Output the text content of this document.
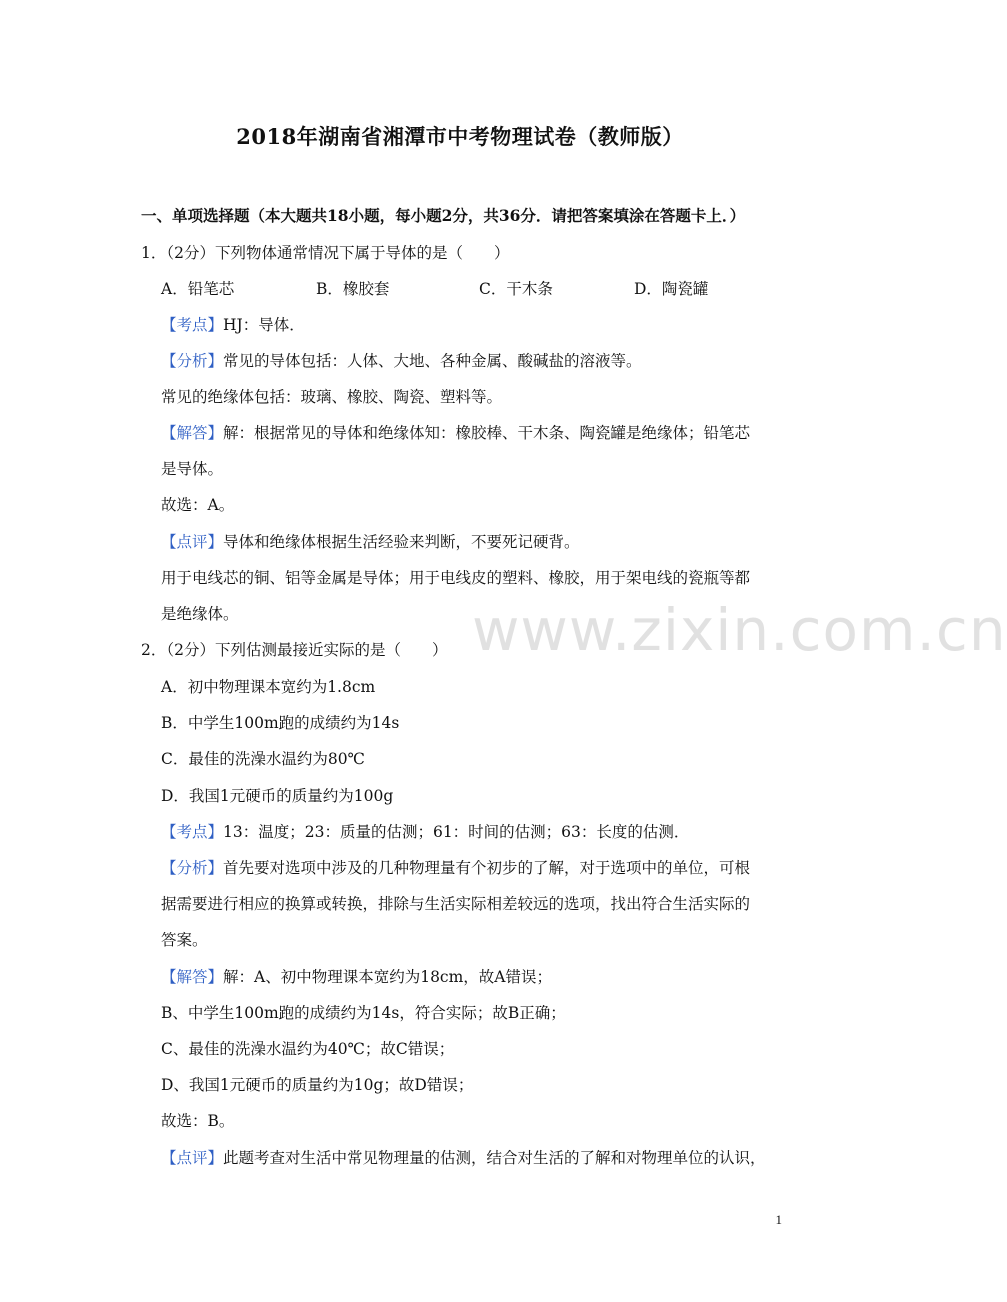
2018年湖南省湘潭市中考物理试卷（教师版）
一、单项选择题（本大题共18小题，每小题2分，共36分．请把答案填涂在答题卡上．）
1．（2分）下列物体通常情况下属于导体的是（　　）
A．铅笔芯	B．橡胶套	C．干木条	D．陶瓷罐
【考点】HJ：导体．
【分析】常见的导体包括：人体、大地、各种金属、酸碱盐的溶液等。
常见的绝缘体包括：玻璃、橡胶、陶瓷、塑料等。
【解答】解：根据常见的导体和绝缘体知：橡胶棒、干木条、陶瓷罐是绝缘体；铅笔芯
是导体。
故选：A。
【点评】导体和绝缘体根据生活经验来判断，不要死记硬背。
用于电线芯的铜、铝等金属是导体；用于电线皮的塑料、橡胶，用于架电线的瓷瓶等都
是绝缘体。	www.zixin.com.cn
2．（2分）下列估测最接近实际的是（　　）
A．初中物理课本宽约为1.8cm
B．中学生100m跑的成绩约为14s
C．最佳的洗澡水温约为80℃
D．我国1元硬币的质量约为100g
【考点】13：温度；23：质量的估测；61：时间的估测；63：长度的估测．
【分析】首先要对选项中涉及的几种物理量有个初步的了解，对于选项中的单位，可根
据需要进行相应的换算或转换，排除与生活实际相差较远的选项，找出符合生活实际的
答案。
【解答】解：A、初中物理课本宽约为18cm，故A错误；
B、中学生100m跑的成绩约为14s，符合实际；故B正确；
C、最佳的洗澡水温约为40℃；故C错误；
D、我国1元硬币的质量约为10g；故D错误；
故选：B。
【点评】此题考查对生活中常见物理量的估测，结合对生活的了解和对物理单位的认识，
1
